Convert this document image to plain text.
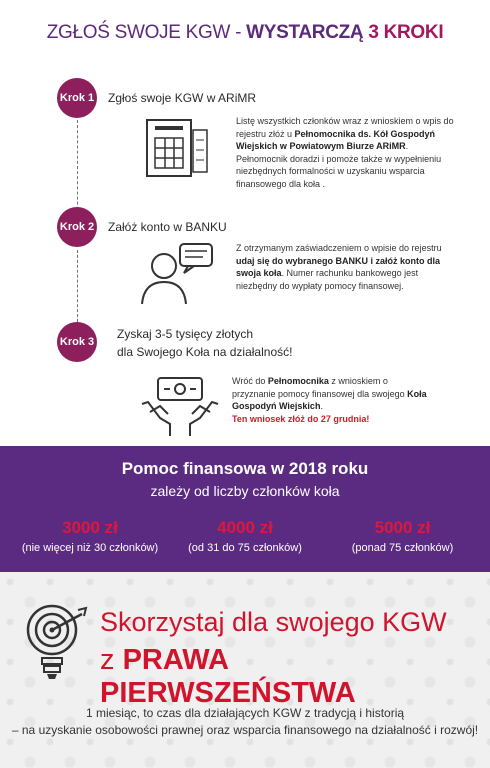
ZGŁOŚ SWOJE KGW - WYSTARCZĄ 3 KROKI
Krok 1 Zgłoś swoje KGW w ARiMR
Listę wszystkich członków wraz z wnioskiem o wpis do rejestru złóż u Pełnomocnika ds. Kół Gospodyń Wiejskich w Powiatowym Biurze ARiMR. Pełnomocnik doradzi i pomoże także w wypełnieniu niezbędnych formalności w uzyskaniu wsparcia finansowego dla koła .
Krok 2 Załóż konto w BANKU
Z otrzymanym zaświadczeniem o wpisie do rejestru udaj się do wybranego BANKU i załóż konto dla swoja koła. Numer rachunku bankowego jest niezbędny do wypłaty pomocy finansowej.
Krok 3
Zyskaj 3-5 tysięcy złotych
dla Swojego Koła na działalność!
Wróć do Pełnomocnika z wnioskiem o przyznanie pomocy finansowej dla swojego Koła Gospodyń Wiejskich.
Ten wniosek złóż do 27 grudnia!
Pomoc finansowa w 2018 roku
zależy od liczby członków koła
3000 zł
(nie więcej niż 30 członków)
4000 zł
(od 31 do 75 członków)
5000 zł
(ponad 75 członków)
Skorzystaj dla swojego KGW
z PRAWA PIERWSZEŃSTWA
1 miesiąc, to czas dla działających KGW z tradycją i historią
– na uzyskanie osobowości prawnej oraz wsparcia finansowego na działalność i rozwój!
